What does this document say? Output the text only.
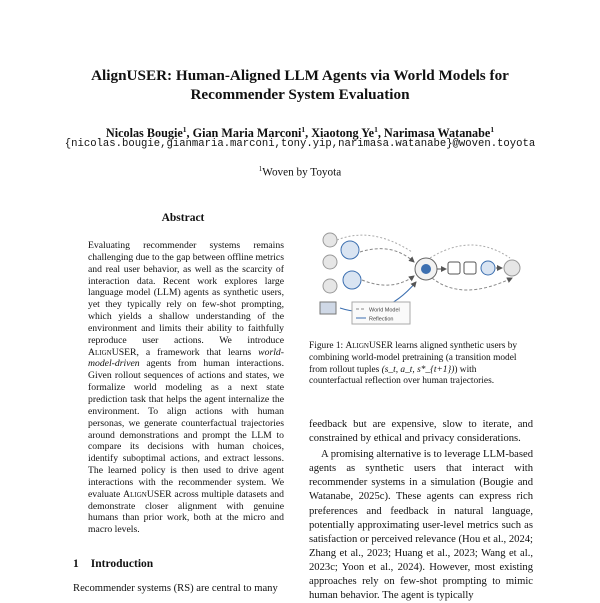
AlignUSER: Human-Aligned LLM Agents via World Models for
Recommender System Evaluation
Nicolas Bougie$^1$, Gian Maria Marconi$^1$, Xiaotong Ye$^1$, Narimasa Watanabe$^1$
{nicolas.bougie,gianmaria.marconi,tony.yip,narimasa.watanabe}@woven.toyota
$^1$Woven by Toyota
Abstract
Evaluating recommender systems remains challenging due to the gap between offline metrics and real user behavior, as well as the scarcity of interaction data. Recent work explores large language model (LLM) agents as synthetic users, yet they typically rely on few-shot prompting, which yields a shallow understanding of the environment and limits their ability to faithfully reproduce user actions. We introduce AlignUSER, a framework that learns world-model-driven agents from human interactions. Given rollout sequences of actions and states, we formalize world modeling as a next state prediction task that helps the agent internalize the environment. To align actions with human personas, we generate counterfactual trajectories around demonstrations and prompt the LLM to compare its decisions with human choices, identify suboptimal actions, and extract lessons. The learned policy is then used to drive agent interactions with the recommender system. We evaluate AlignUSER across multiple datasets and demonstrate closer alignment with genuine humans than prior work, both at the micro and macro levels.
1 Introduction
Recommender systems (RS) are central to many
World Model
Reflection
Figure 1: AlignUSER learns aligned synthetic users by combining world-model pretraining (a transition model from rollout tuples (s_t, a_t, s*_{t+1})) with counterfactual reflection over human trajectories.

feedback but are expensive, slow to iterate, and constrained by ethical and privacy considerations.

A promising alternative is to leverage LLM-based agents as synthetic users that interact with recommender systems in a simulation (Bougie and Watanabe, 2025c). These agents can express rich preferences and feedback in natural language, potentially approximating user-level metrics such as satisfaction or perceived relevance (Hou et al., 2024; Zhang et al., 2023; Huang et al., 2023; Wang et al., 2023c; Yoon et al., 2024). However, most existing approaches rely on few-shot prompting to mimic human behavior. The agent is typically
